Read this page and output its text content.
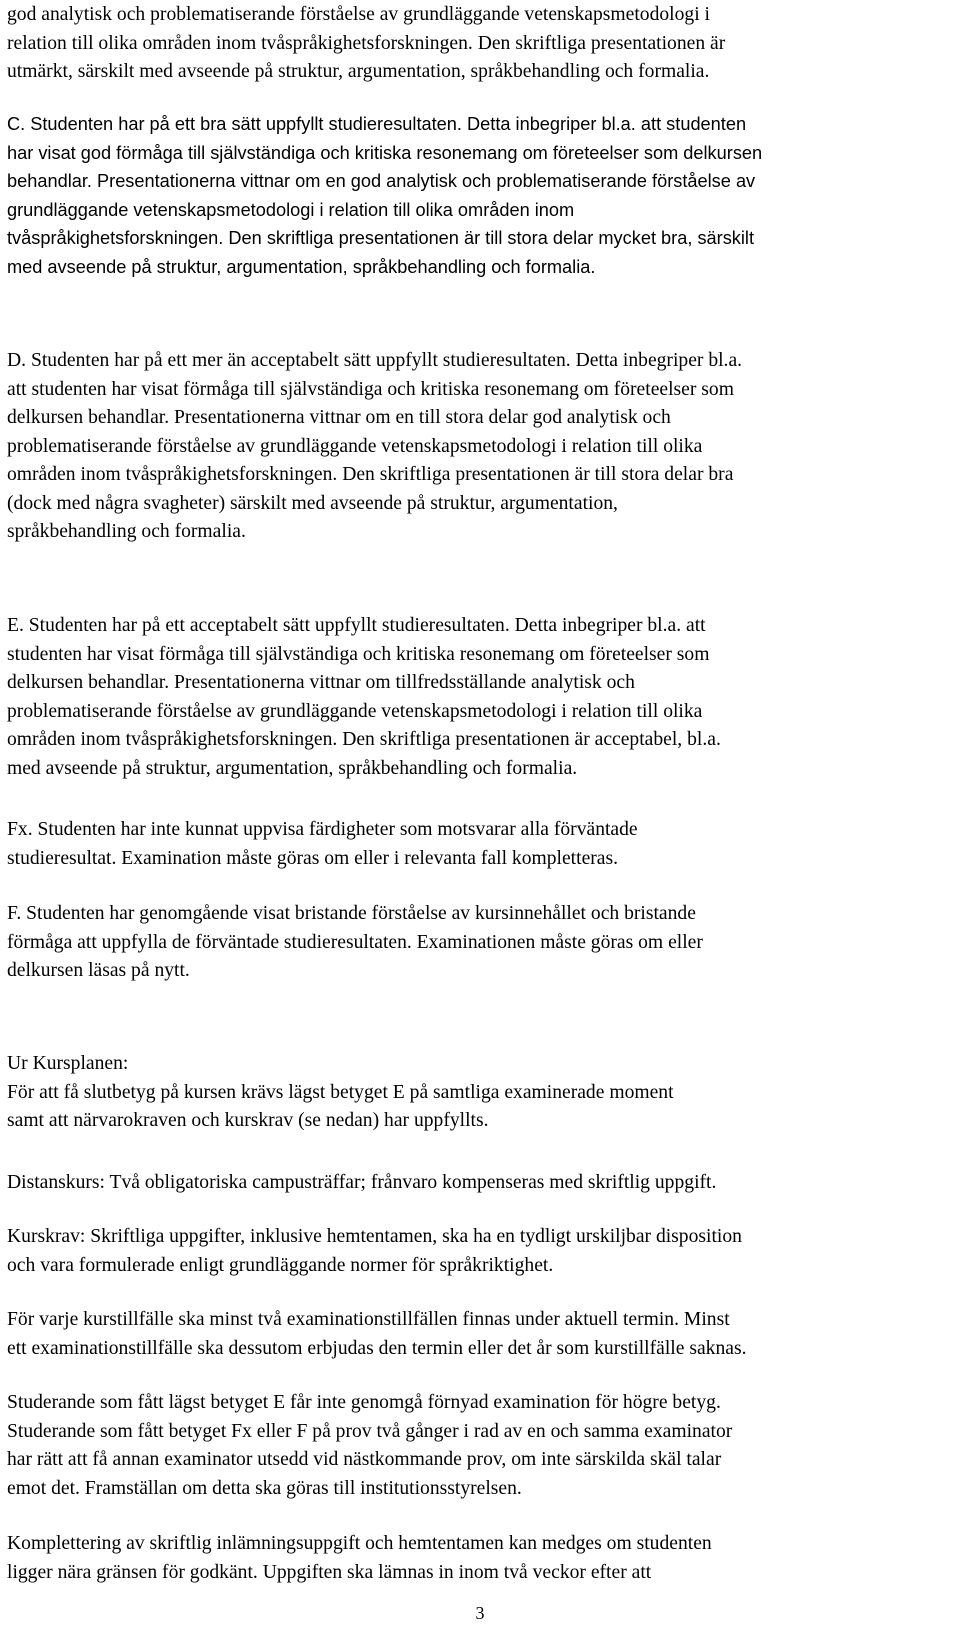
god analytisk och problematiserande förståelse av grundläggande vetenskapsmetodologi i
relation till olika områden inom tvåspråkighetsforskningen. Den skriftliga presentationen är
utmärkt, särskilt med avseende på struktur, argumentation, språkbehandling och formalia.

C. Studenten har på ett bra sätt uppfyllt studieresultaten. Detta inbegriper bl.a. att studenten
har visat god förmåga till självständiga och kritiska resonemang om företeelser som delkursen
behandlar. Presentationerna vittnar om en god analytisk och problematiserande förståelse av
grundläggande vetenskapsmetodologi i relation till olika områden inom
tvåspråkighetsforskningen. Den skriftliga presentationen är till stora delar mycket bra, särskilt
med avseende på struktur, argumentation, språkbehandling och formalia.

D. Studenten har på ett mer än acceptabelt sätt uppfyllt studieresultaten. Detta inbegriper bl.a.
att studenten har visat förmåga till självständiga och kritiska resonemang om företeelser som
delkursen behandlar. Presentationerna vittnar om en till stora delar god analytisk och
problematiserande förståelse av grundläggande vetenskapsmetodologi i relation till olika
områden inom tvåspråkighetsforskningen. Den skriftliga presentationen är till stora delar bra
(dock med några svagheter) särskilt med avseende på struktur, argumentation,
språkbehandling och formalia.

E. Studenten har på ett acceptabelt sätt uppfyllt studieresultaten. Detta inbegriper bl.a. att
studenten har visat förmåga till självständiga och kritiska resonemang om företeelser som
delkursen behandlar. Presentationerna vittnar om tillfredsställande analytisk och
problematiserande förståelse av grundläggande vetenskapsmetodologi i relation till olika
områden inom tvåspråkighetsforskningen. Den skriftliga presentationen är acceptabel, bl.a.
med avseende på struktur, argumentation, språkbehandling och formalia.

Fx. Studenten har inte kunnat uppvisa färdigheter som motsvarar alla förväntade
studieresultat. Examination måste göras om eller i relevanta fall kompletteras.

F. Studenten har genomgående visat bristande förståelse av kursinnehållet och bristande
förmåga att uppfylla de förväntade studieresultaten. Examinationen måste göras om eller
delkursen läsas på nytt.

Ur Kursplanen:
För att få slutbetyg på kursen krävs lägst betyget E på samtliga examinerade moment
samt att närvarokraven och kurskrav (se nedan) har uppfyllts.

Distanskurs: Två obligatoriska campusträffar; frånvaro kompenseras med skriftlig uppgift.

Kurskrav: Skriftliga uppgifter, inklusive hemtentamen, ska ha en tydligt urskiljbar disposition
och vara formulerade enligt grundläggande normer för språkriktighet.

För varje kurstillfälle ska minst två examinationstillfällen finnas under aktuell termin. Minst
ett examinationstillfälle ska dessutom erbjudas den termin eller det år som kurstillfälle saknas.

Studerande som fått lägst betyget E får inte genomgå förnyad examination för högre betyg.
Studerande som fått betyget Fx eller F på prov två gånger i rad av en och samma examinator
har rätt att få annan examinator utsedd vid nästkommande prov, om inte särskilda skäl talar
emot det. Framställan om detta ska göras till institutionsstyrelsen.

Komplettering av skriftlig inlämningsuppgift och hemtentamen kan medges om studenten
ligger nära gränsen för godkänt. Uppgiften ska lämnas in inom två veckor efter att

3
